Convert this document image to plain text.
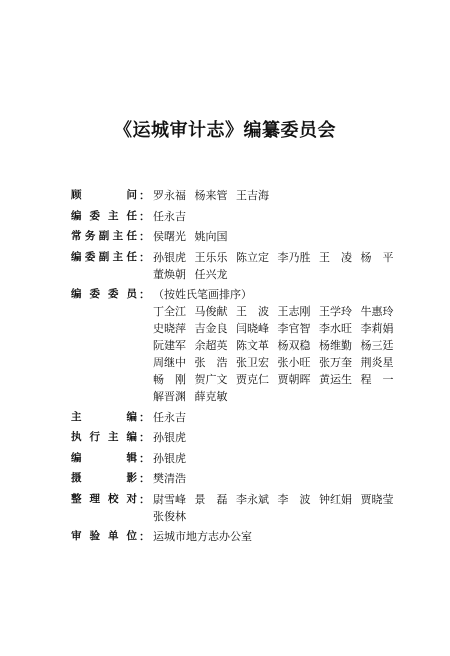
《运城审计志》编纂委员会
顾问 ： 罗永福 杨来管 王吉海
编委主任 ： 任永吉
常务副主任 ： 侯曙光 姚向国
编委副主任 ： 孙银虎 王乐乐 陈立定 李乃胜 王 凌 杨 平
董焕朝 任兴龙
编委委员 ： （按姓氏笔画排序）
丁全江 马俊献 王 波 王志刚 王学玲 牛惠玲
史晓萍 吉金良 闫晓峰 李官智 李水旺 李莉娟
阮建军 余超英 陈文革 杨双稳 杨维勤 杨三廷
周继中 张 浩 张卫宏 张小旺 张万奎 荆炎星
畅 刚 贺广文 贾克仁 贾朝晖 黄运生 程 一
解晋渊 薛克敏
主编 ： 任永吉
执行主编 ： 孙银虎
编辑 ： 孙银虎
摄影 ： 樊清浩
整理校对 ： 尉雪峰 景 磊 李永斌 李 波 钟红娟 贾晓莹
张俊林
审验单位 ： 运城市地方志办公室
